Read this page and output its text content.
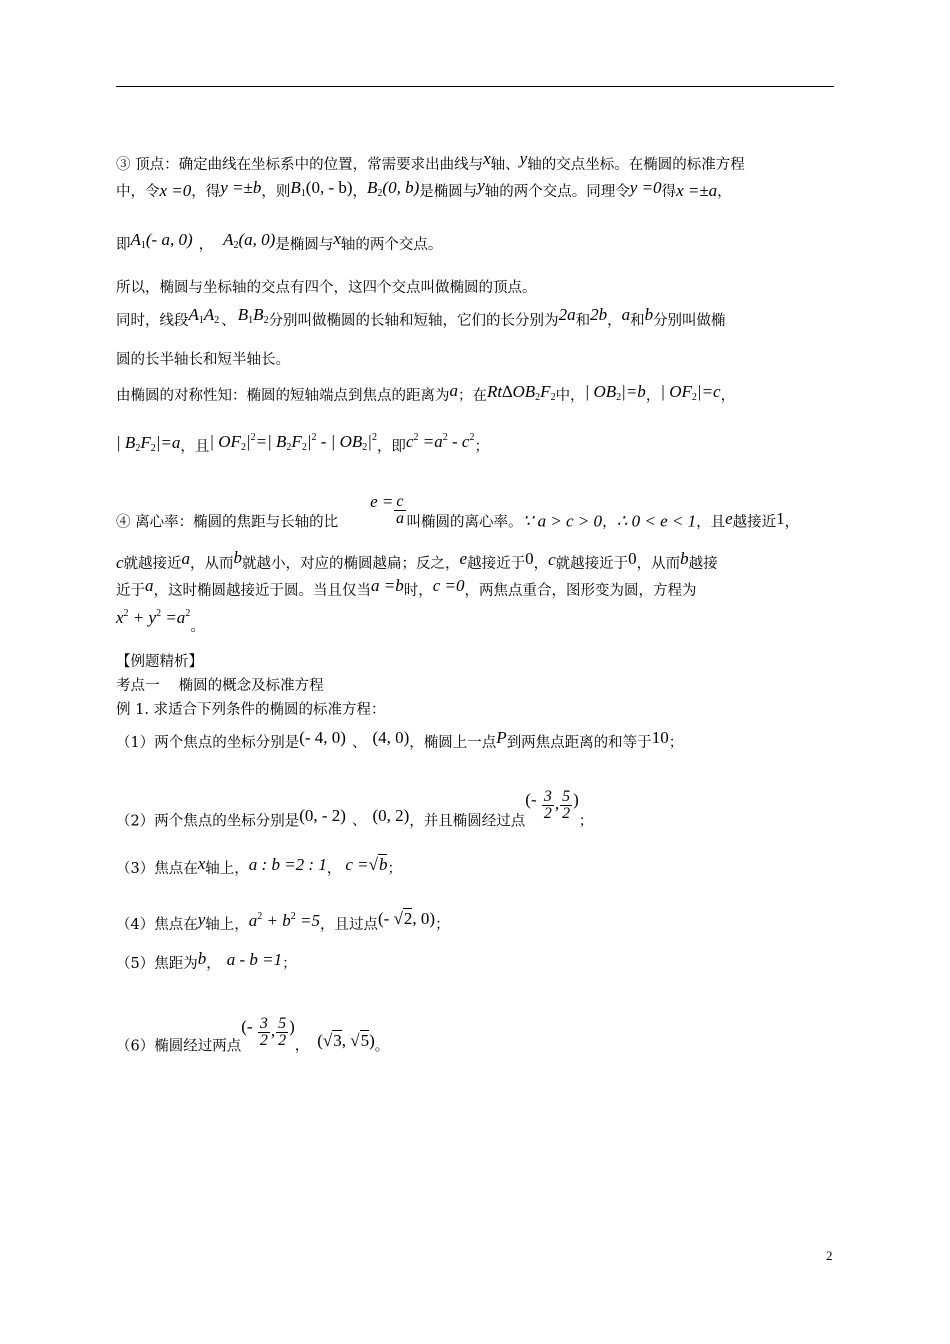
③ 顶点：确定曲线在坐标系中的位置，常需要求出曲线与x轴、y轴的交点坐标。在椭圆的标准方程
中，令x =0，得y =±b，则$B_1(0$, - b)，$B_2(0$, b)是椭圆与y轴的两个交点。同理令y =0得x =±a，
即$A_1(-$ a, 0) ， $A_2(a$, 0)是椭圆与x轴的两个交点。
所以，椭圆与坐标轴的交点有四个，这四个交点叫做椭圆的顶点。
同时，线段$A_1A_2$ 、 $B_1B_2$分别叫做椭圆的长轴和短轴，它们的长分别为2a和2b，a和b分别叫做椭
圆的长半轴长和短半轴长。
由椭圆的对称性知：椭圆的短轴端点到焦点的距离为a；在$Rt\Delta OB_2F_2$中，| $OB_2|=b$，| $OF_2|=c$，
| $B_2F_2|=a$，且| $OF_2|^2=|$ $B_2F_2|^2$ - | $OB_2|^2$，即$c^2 =a^2 - c^2$；
④ 离心率：椭圆的焦距与长轴的比$e = \frac{c}{a}$ 叫椭圆的离心率。∵ a > c > 0，∴ 0 < e < 1，且e越接近1，
c就越接近a，从而b就越小，对应的椭圆越扁；反之，e越接近于0，c就越接近于0，从而b越接
近于a，这时椭圆越接近于圆。当且仅当a =b时，c =0，两焦点重合，图形变为圆，方程为
$x^2 + y^2 =a^2$。
【例题精析】
考点一　 椭圆的概念及标准方程
例 1. 求适合下列条件的椭圆的标准方程：
（1）两个焦点的坐标分别是(- 4, 0) 、 (4, 0)，椭圆上一点P到两焦点距离的和等于10；
（2）两个焦点的坐标分别是(0, - 2) 、 (0, 2)，并且椭圆经过点(- $\frac{3}{2}$ , $\frac{5}{2}$ )；
（3）焦点在x轴上，a : b =2 : 1， c =√b；
（4）焦点在y轴上，$a^2 + b^2 =5$，且过点(- √2, 0)；
（5）焦距为b， a - b =1；
（6）椭圆经过两点(- $\frac{3}{2}$ , $\frac{5}{2}$ )， (√3, √5)。
2
